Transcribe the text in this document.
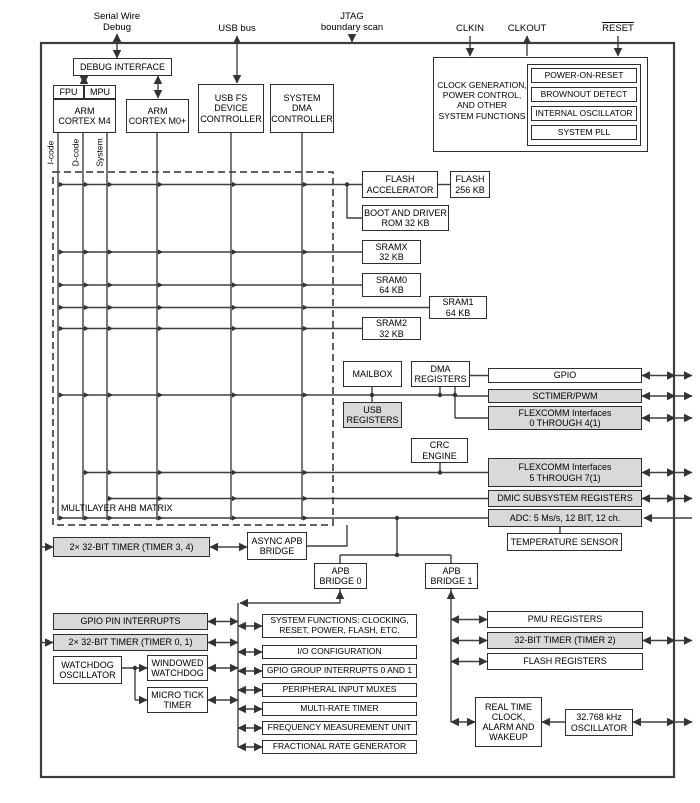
Serial Wire
Debug	USB bus
JTAG
boundary scan	CLKIN	CLKOUT	RESET
DEBUG INTERFACE
FPU	MPU
ARM
CORTEX M4
ARM
CORTEX M0+
USB FS
DEVICE
CONTROLLER
SYSTEM
DMA
CONTROLLER
I-code D-code System
CLOCK GENERATION,
POWER CONTROL,
AND OTHER
SYSTEM FUNCTIONS
POWER-ON-RESET
BROWNOUT DETECT
INTERNAL OSCILLATOR
SYSTEM PLL
FLASH
ACCELERATOR
FLASH
256 KB
BOOT AND DRIVER
ROM 32 KB
SRAMX
32 KB
SRAM0
64 KB
SRAM1
64 KB
SRAM2
32 KB
MULTILAYER AHB MATRIX
MAILBOX
DMA
REGISTERS
USB
REGISTERS
GPIO
SCTIMER/PWM
FLEXCOMM Interfaces
0 THROUGH 4(1)
CRC
ENGINE
FLEXCOMM Interfaces
5 THROUGH 7(1)
DMIC SUBSYSTEM REGISTERS
ADC: 5 Ms/s, 12 BIT, 12 ch.
TEMPERATURE SENSOR
2× 32-BIT TIMER (TIMER 3, 4)
ASYNC APB
BRIDGE
APB
BRIDGE 0
APB
BRIDGE 1
GPIO PIN INTERRUPTS
2× 32-BIT TIMER (TIMER 0, 1)
WATCHDOG
OSCILLATOR
WINDOWED
WATCHDOG
MICRO TICK
TIMER
SYSTEM FUNCTIONS: CLOCKING,
RESET, POWER, FLASH, ETC.
I/O CONFIGURATION
GPIO GROUP INTERRUPTS 0 AND 1
PERIPHERAL INPUT MUXES
MULTI-RATE TIMER
FREQUENCY MEASUREMENT UNIT
FRACTIONAL RATE GENERATOR
PMU REGISTERS
32-BIT TIMER (TIMER 2)
FLASH REGISTERS
REAL TIME
CLOCK,
ALARM AND
WAKEUP
32.768 kHz
OSCILLATOR
